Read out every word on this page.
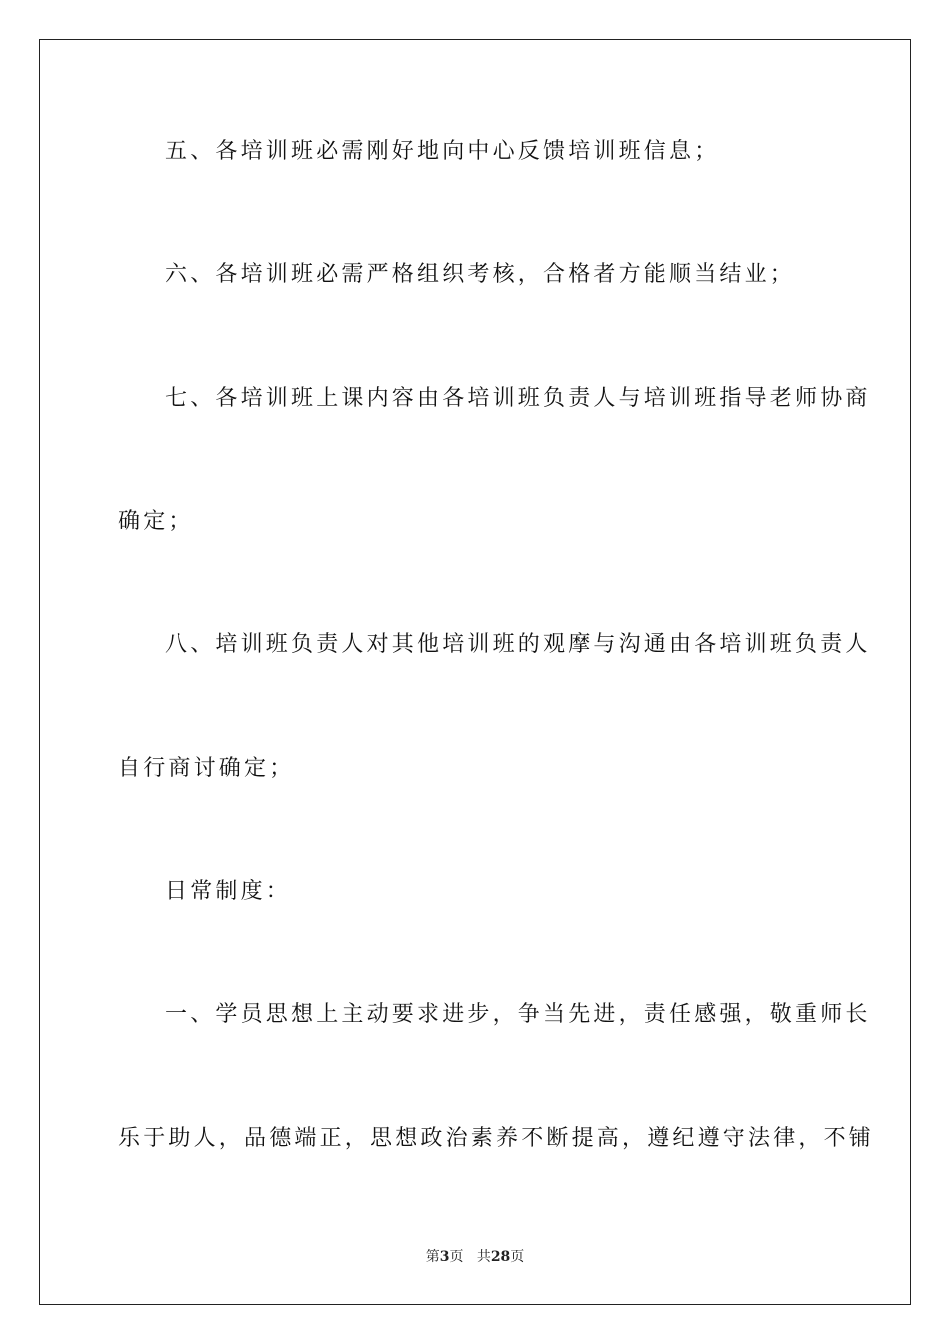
五、各培训班必需刚好地向中心反馈培训班信息；
六、各培训班必需严格组织考核，合格者方能顺当结业；
七、各培训班上课内容由各培训班负责人与培训班指导老师协商
确定；
八、培训班负责人对其他培训班的观摩与沟通由各培训班负责人
自行商讨确定；
日常制度：
一、学员思想上主动要求进步，争当先进，责任感强，敬重师长
乐于助人，品德端正，思想政治素养不断提高，遵纪遵守法律，不铺
第3页 共28页
